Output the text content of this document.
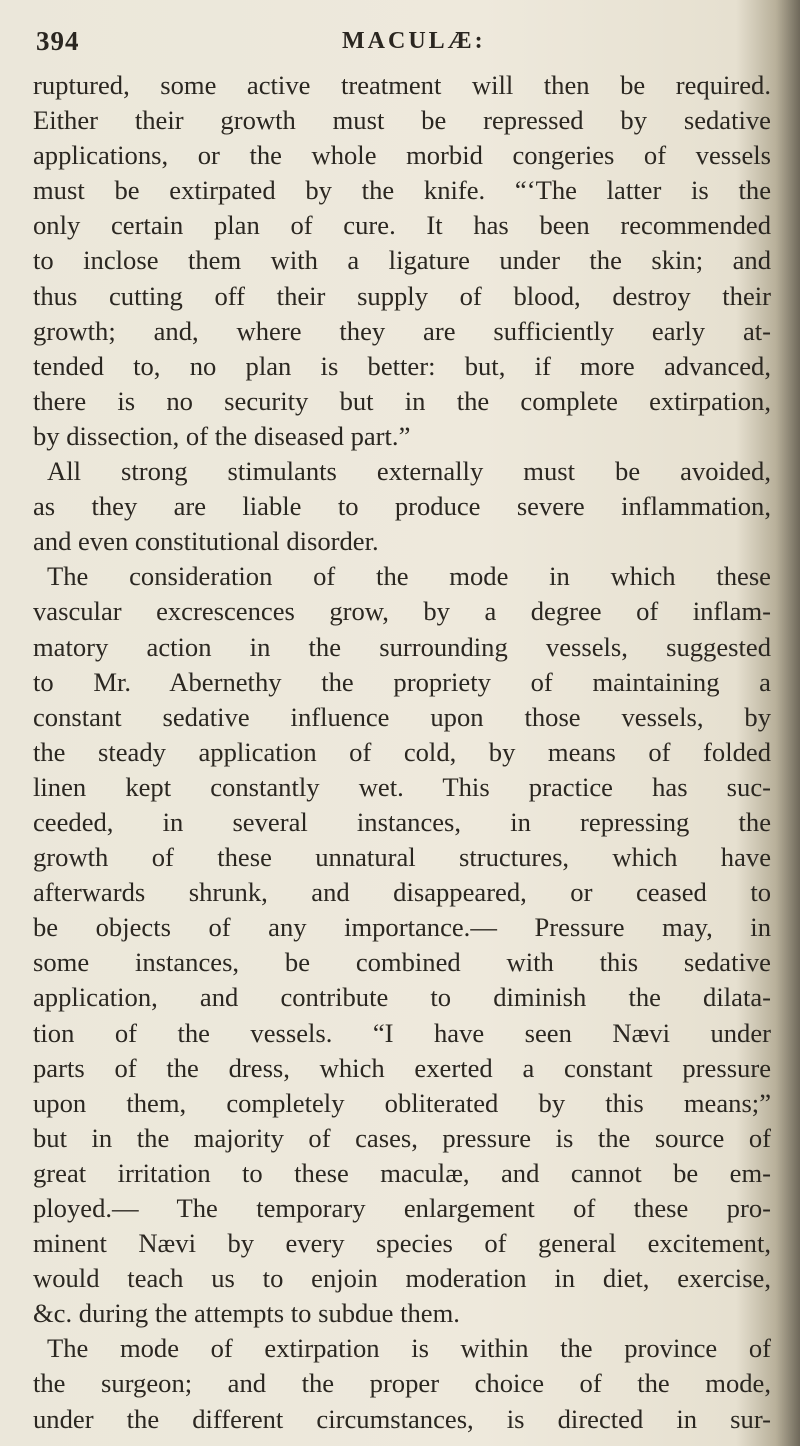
394	MACULÆ:
ruptured, some active treatment will then be required.
Either their growth must be repressed by sedative
applications, or the whole morbid congeries of vessels
must be extirpated by the knife. “‘The latter is the
only certain plan of cure. It has been recommended
to inclose them with a ligature under the skin; and
thus cutting off their supply of blood, destroy their
growth; and, where they are sufficiently early at-
tended to, no plan is better: but, if more advanced,
there is no security but in the complete extirpation,
by dissection, of the diseased part.”
All strong stimulants externally must be avoided,
as they are liable to produce severe inflammation,
and even constitutional disorder.
The consideration of the mode in which these
vascular excrescences grow, by a degree of inflam-
matory action in the surrounding vessels, suggested
to Mr. Abernethy the propriety of maintaining a
constant sedative influence upon those vessels, by
the steady application of cold, by means of folded
linen kept constantly wet. This practice has suc-
ceeded, in several instances, in repressing the
growth of these unnatural structures, which have
afterwards shrunk, and disappeared, or ceased to
be objects of any importance.— Pressure may, in
some instances, be combined with this sedative
application, and contribute to diminish the dilata-
tion of the vessels. “I have seen Nævi under
parts of the dress, which exerted a constant pressure
upon them, completely obliterated by this means;”
but in the majority of cases, pressure is the source of
great irritation to these maculæ, and cannot be em-
ployed.— The temporary enlargement of these pro-
minent Nævi by every species of general excitement,
would teach us to enjoin moderation in diet, exercise,
&c. during the attempts to subdue them.
The mode of extirpation is within the province of
the surgeon; and the proper choice of the mode,
under the different circumstances, is directed in sur-
